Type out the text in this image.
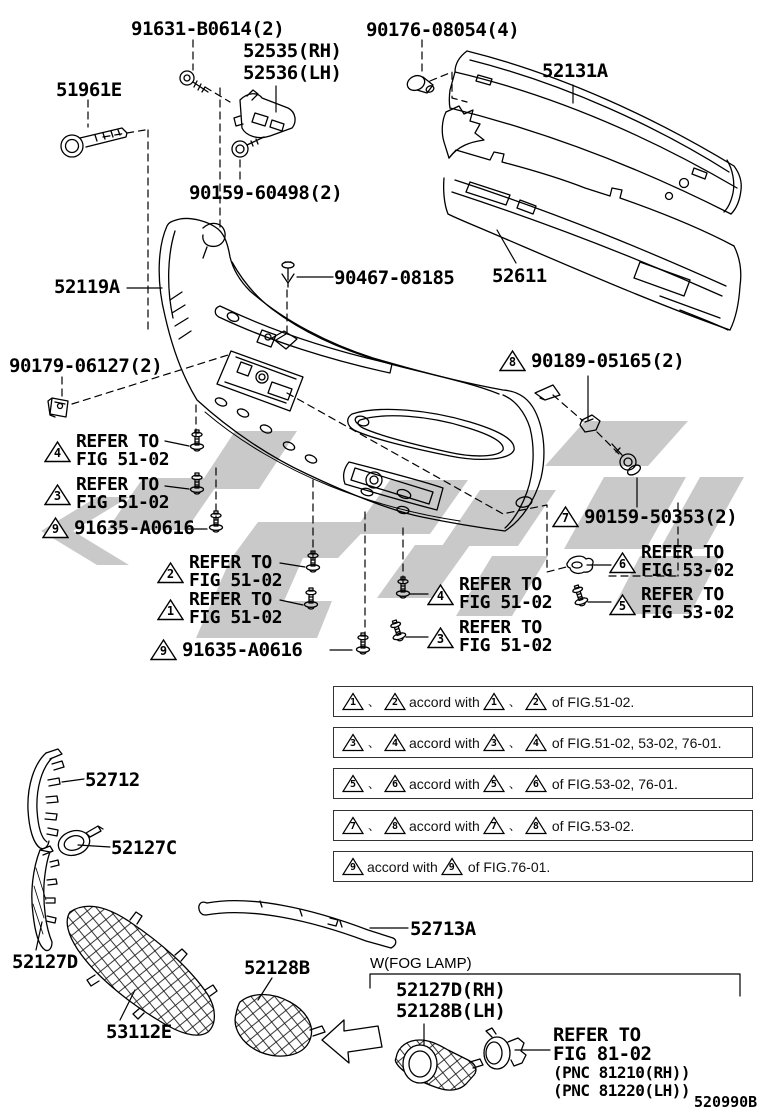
91631-B0614(2)	90176-08054(4)
52535(RH)
52536(LH)
51961E
52131A
90159-60498(2)
90467-08185 52611
52119A
90179-06127(2)
52712
52127C
52127D
53112E
52128B
52713A
8 90189-05165(2)
7 90159-50353(2)
9 91635-A0616
9 91635-A0616
4
REFER TO
FIG 51-02
3
REFER TO
FIG 51-02
2
REFER TO
FIG 51-02
1
REFER TO
FIG 51-02
4
REFER TO
FIG 51-02
3
REFER TO
FIG 51-02
6
REFER TO
FIG 53-02
5
REFER TO
FIG 53-02
1 、	2 accord with	1 、	2 of FIG.51-02.
3 、	4 accord with	3 、	4 of FIG.51-02, 53-02, 76-01.
5 、	6 accord with	5 、	6 of FIG.53-02, 76-01.
7 、	8 accord with	7 、	8 of FIG.53-02.
9 accord with	9 of FIG.76-01.
W(FOG LAMP)
52127D(RH)
52128B(LH)
REFER TO
FIG 81-02
(PNC 81210(RH))
(PNC 81220(LH))
520990B
